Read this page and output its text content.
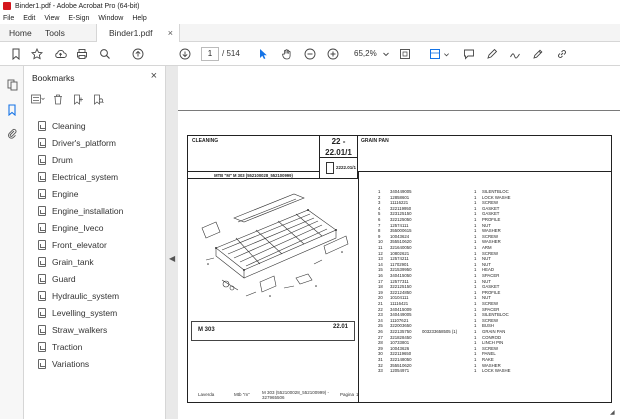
Binder1.pdf - Adobe Acrobat Pro (64-bit)
File Edit View E-Sign Window Help
Home Tools	Binder1.pdf ×
1	/ 514	65,2%
Bookmarks	×
Cleaning
Driver's_platform
Drum
Electrical_system
Engine
Engine_installation
Engine_Iveco
Front_elevator
Grain_tank
Guard
Hydraulic_system
Levelling_system
Straw_walkers
Traction
Variations
◀
CLEANING	22 -
22.01/1
GRAIN PAN
MTB "M" M 303 (552100028_552100999)
2222.01/1
M 303	22.01
Laverda	Mtb "m"	M 303 (552100028_552100999) - 327965506
Pagina 1
1	340449005	1 SILENTBLOC
2	12858601	1 LOCK WASHE
3	11116221	1 SCREW
4	322119950	1 GASKET
5	323125150	1 GASKET
6	322125050	1 PROFILE
7	12574111	1 NUT
8	355000615	1 WASHER
9	10043624	1 SCREW
10	355510620	1 WASHER
11	321640050	1 ARM
12	10802621	1 SCREW
13	12574211	1 NUT
14	11702901	1 NUT
15	321539950	1 HEAD
16	340415050	1 SPACER
17	12577311	1 NUT
18	322125150	1 GASKET
19	322124850	1 PROFILE
20	10104111	1 NUT
21	11116421	1 SCREW
22	340415009	1 SPACER
23	340449005	1 SILENTBLOC
24	11107621	1 SCREW
25	322003650	1 BUSH
26	322135750 003233658505 (1)	1 GRAIN PAN
27	321828450	1 CONROD
28	10733801	1 LINCH PIN
29	10043626	1 SCREW
30	322119650	1 PANEL
31	322148050	1 RAKE
32	355510620	1 WASHER
33	12054971	1 LOCK WASHE
◢
